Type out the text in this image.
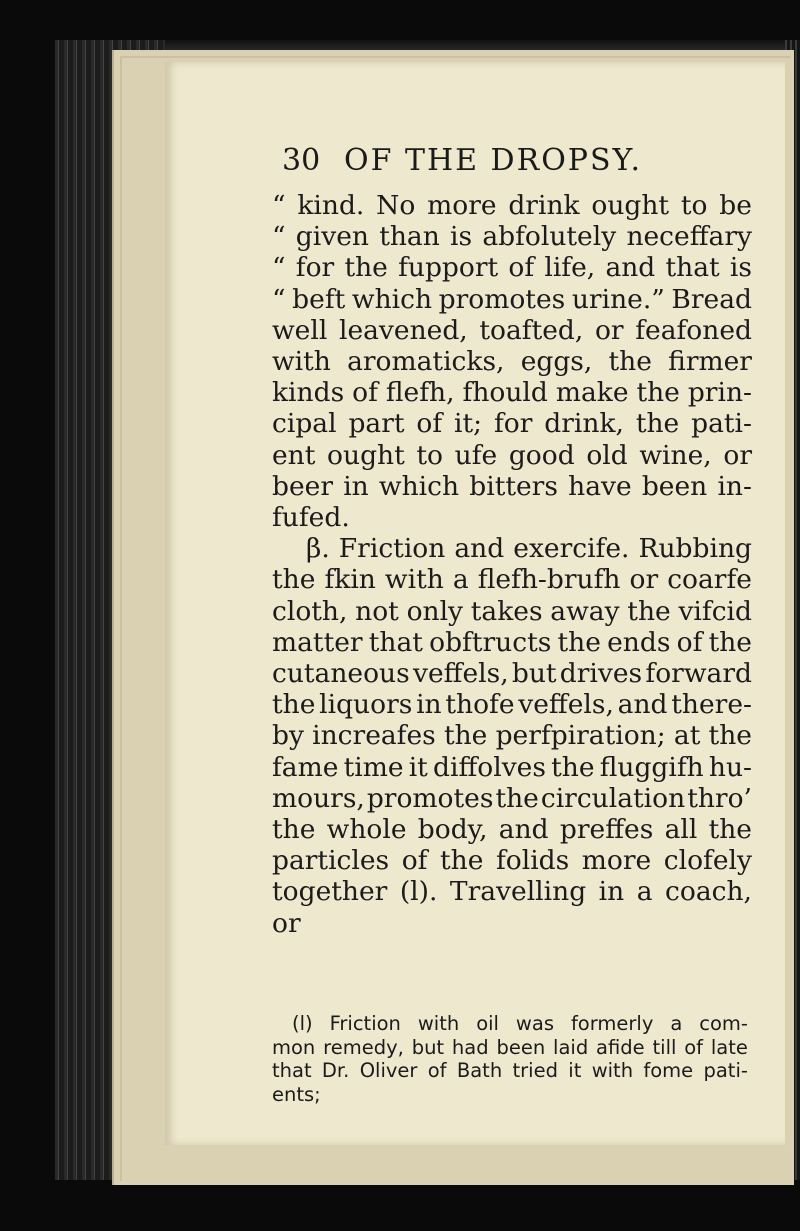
30 OF THE DROPSY.
“ kind. No more drink ought to be
“ given than is abfolutely neceffary
“ for the fupport of life, and that is
“ beft which promotes urine.” Bread
well leavened, toafted, or feafoned
with aromaticks, eggs, the firmer
kinds of flefh, fhould make the prin-
cipal part of it; for drink, the pati-
ent ought to ufe good old wine, or
beer in which bitters have been in-
fufed.
β. Friction and exercife. Rubbing
the fkin with a flefh-brufh or coarfe
cloth, not only takes away the vifcid
matter that obftructs the ends of the
cutaneous veffels, but drives forward
the liquors in thofe veffels, and there-
by increafes the perfpiration; at the
fame time it diffolves the fluggifh hu-
mours, promotes the circulation thro’
the whole body, and preffes all the
particles of the folids more clofely
together (l). Travelling in a coach,
or
(l) Friction with oil was formerly a com-
mon remedy, but had been laid afide till of late
that Dr. Oliver of Bath tried it with fome pati-
ents;
